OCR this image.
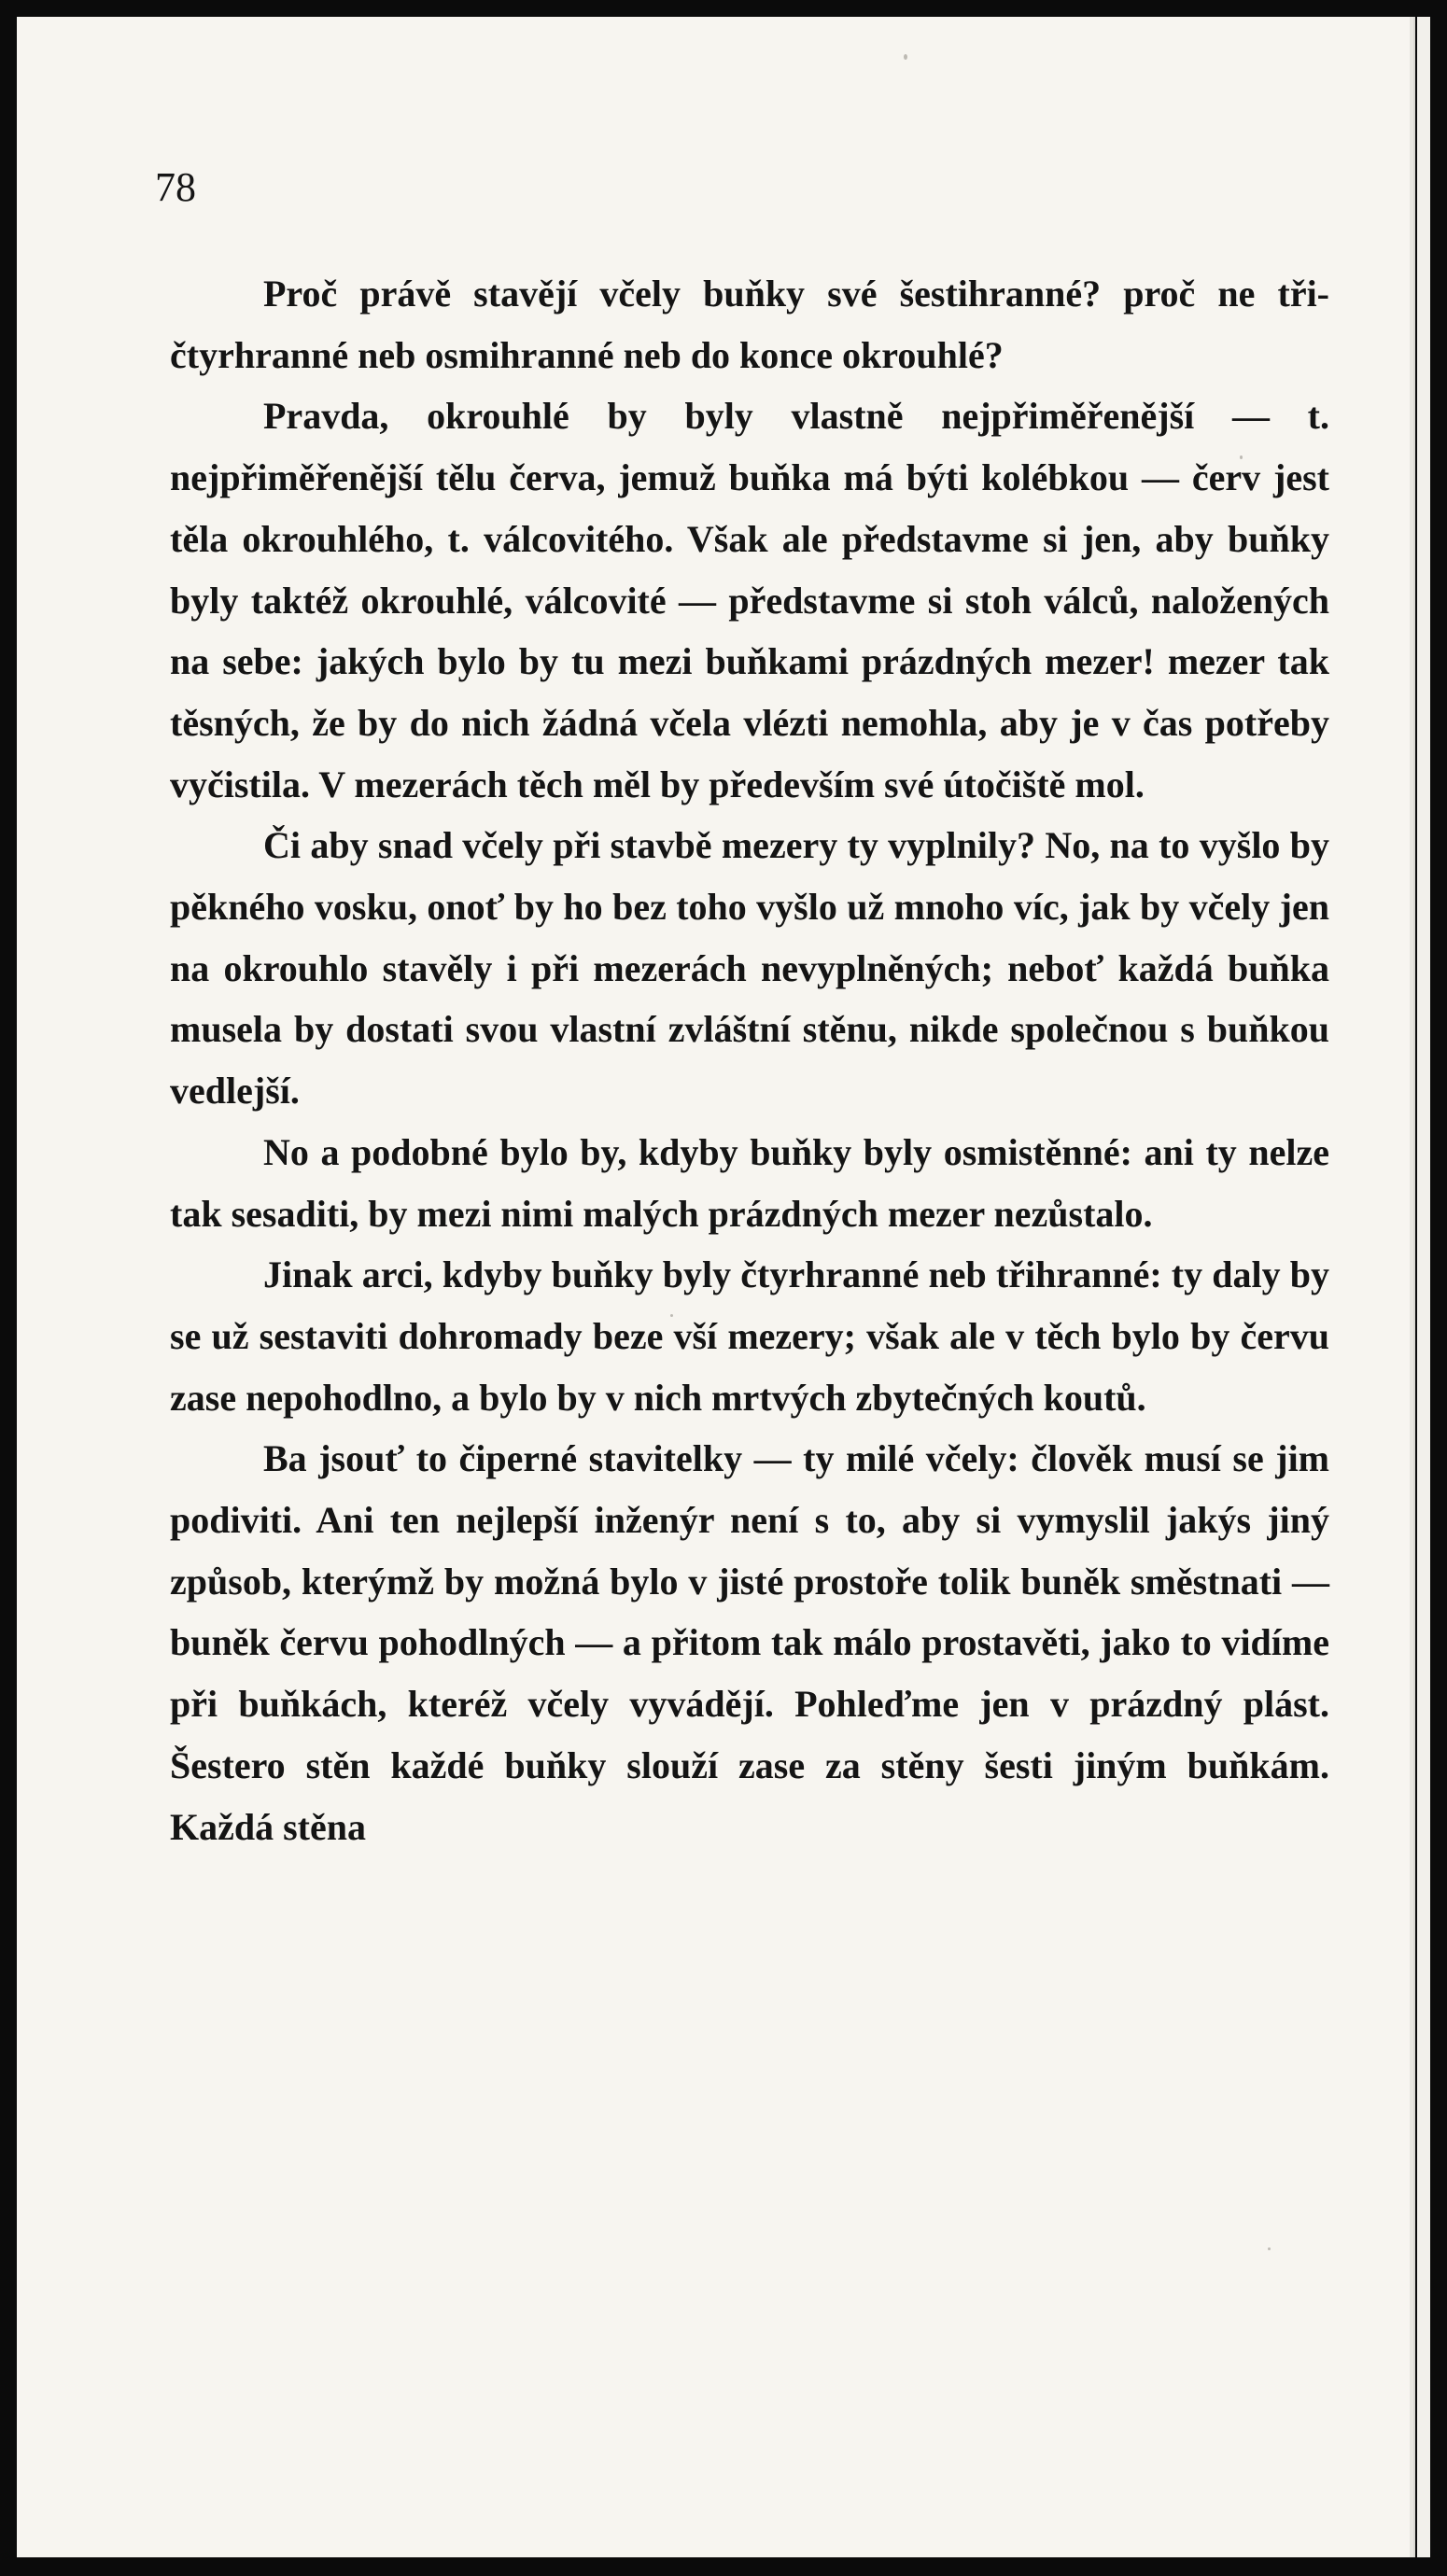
78

Proč právě stavějí včely buňky své šestihranné? proč ne tři-čtyrhranné neb osmihranné neb do konce okrouhlé?

Pravda, okrouhlé by byly vlastně nejpřiměřenější — t. nejpřiměřenější tělu červa, jemuž buňka má býti kolébkou — červ jest těla okrouhlého, t. válcovitého. Však ale představme si jen, aby buňky byly taktéž okrouhlé, válcovité — představme si stoh válců, naložených na sebe: jakých bylo by tu mezi buňkami prázdných mezer! mezer tak těsných, že by do nich žádná včela vlézti nemohla, aby je v čas potřeby vyčistila. V mezerách těch měl by především své útočiště mol.

Či aby snad včely při stavbě mezery ty vyplnily? No, na to vyšlo by pěkného vosku, onoť by ho bez toho vyšlo už mnoho víc, jak by včely jen na okrouhlo stavěly i při mezerách nevyplněných; neboť každá buňka musela by dostati svou vlastní zvláštní stěnu, nikde společnou s buňkou vedlejší.

No a podobné bylo by, kdyby buňky byly osmistěnné: ani ty nelze tak sesaditi, by mezi nimi malých prázdných mezer nezůstalo.

Jinak arci, kdyby buňky byly čtyrhranné neb třihranné: ty daly by se už sestaviti dohromady beze vší mezery; však ale v těch bylo by červu zase nepohodlno, a bylo by v nich mrtvých zbytečných koutů.

Ba jsouť to čiperné stavitelky — ty milé včely: člověk musí se jim podiviti. Ani ten nejlepší inženýr není s to, aby si vymyslil jakýs jiný způsob, kterýmž by možná bylo v jisté prostoře tolik buněk směstnati — buněk červu pohodlných — a přitom tak málo prostavěti, jako to vidíme při buňkách, kteréž včely vyvádějí. Pohleďme jen v prázdný plást. Šestero stěn každé buňky slouží zase za stěny šesti jiným buňkám. Každá stěna
